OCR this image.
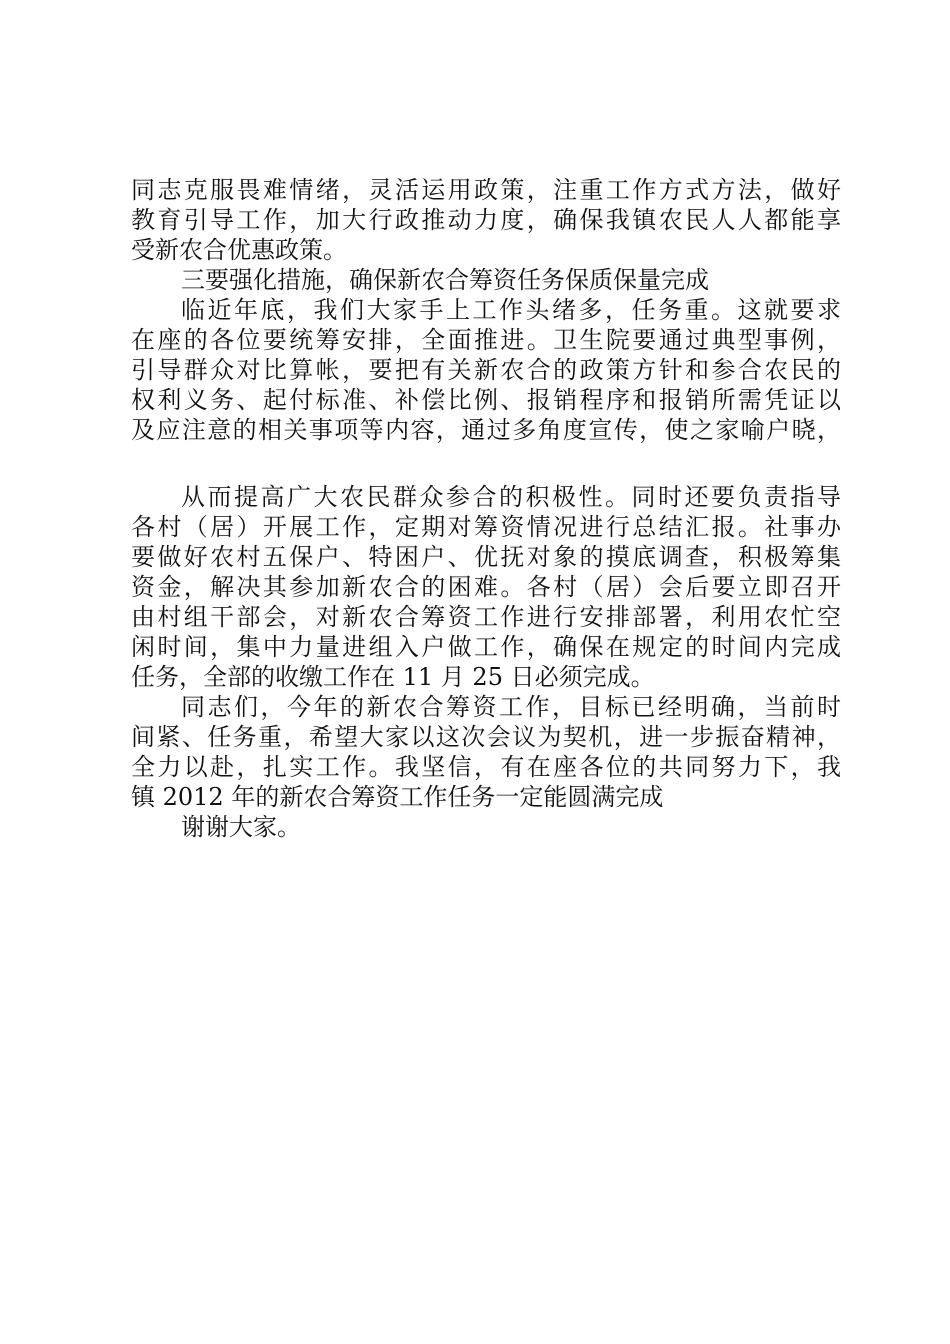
同志克服畏难情绪，灵活运用政策，注重工作方式方法，做好
教育引导工作，加大行政推动力度，确保我镇农民人人都能享
受新农合优惠政策。
三要强化措施，确保新农合筹资任务保质保量完成
临近年底，我们大家手上工作头绪多，任务重。这就要求
在座的各位要统筹安排，全面推进。卫生院要通过典型事例，
引导群众对比算帐，要把有关新农合的政策方针和参合农民的
权利义务、起付标准、补偿比例、报销程序和报销所需凭证以
及应注意的相关事项等内容，通过多角度宣传，使之家喻户晓，
从而提高广大农民群众参合的积极性。同时还要负责指导
各村（居）开展工作，定期对筹资情况进行总结汇报。社事办
要做好农村五保户、特困户、优抚对象的摸底调查，积极筹集
资金，解决其参加新农合的困难。各村（居）会后要立即召开
由村组干部会，对新农合筹资工作进行安排部署，利用农忙空
闲时间，集中力量进组入户做工作，确保在规定的时间内完成
任务，全部的收缴工作在 11 月 25 日必须完成。
同志们，今年的新农合筹资工作，目标已经明确，当前时
间紧、任务重，希望大家以这次会议为契机，进一步振奋精神，
全力以赴，扎实工作。我坚信，有在座各位的共同努力下，我
镇 2012 年的新农合筹资工作任务一定能圆满完成
谢谢大家。
